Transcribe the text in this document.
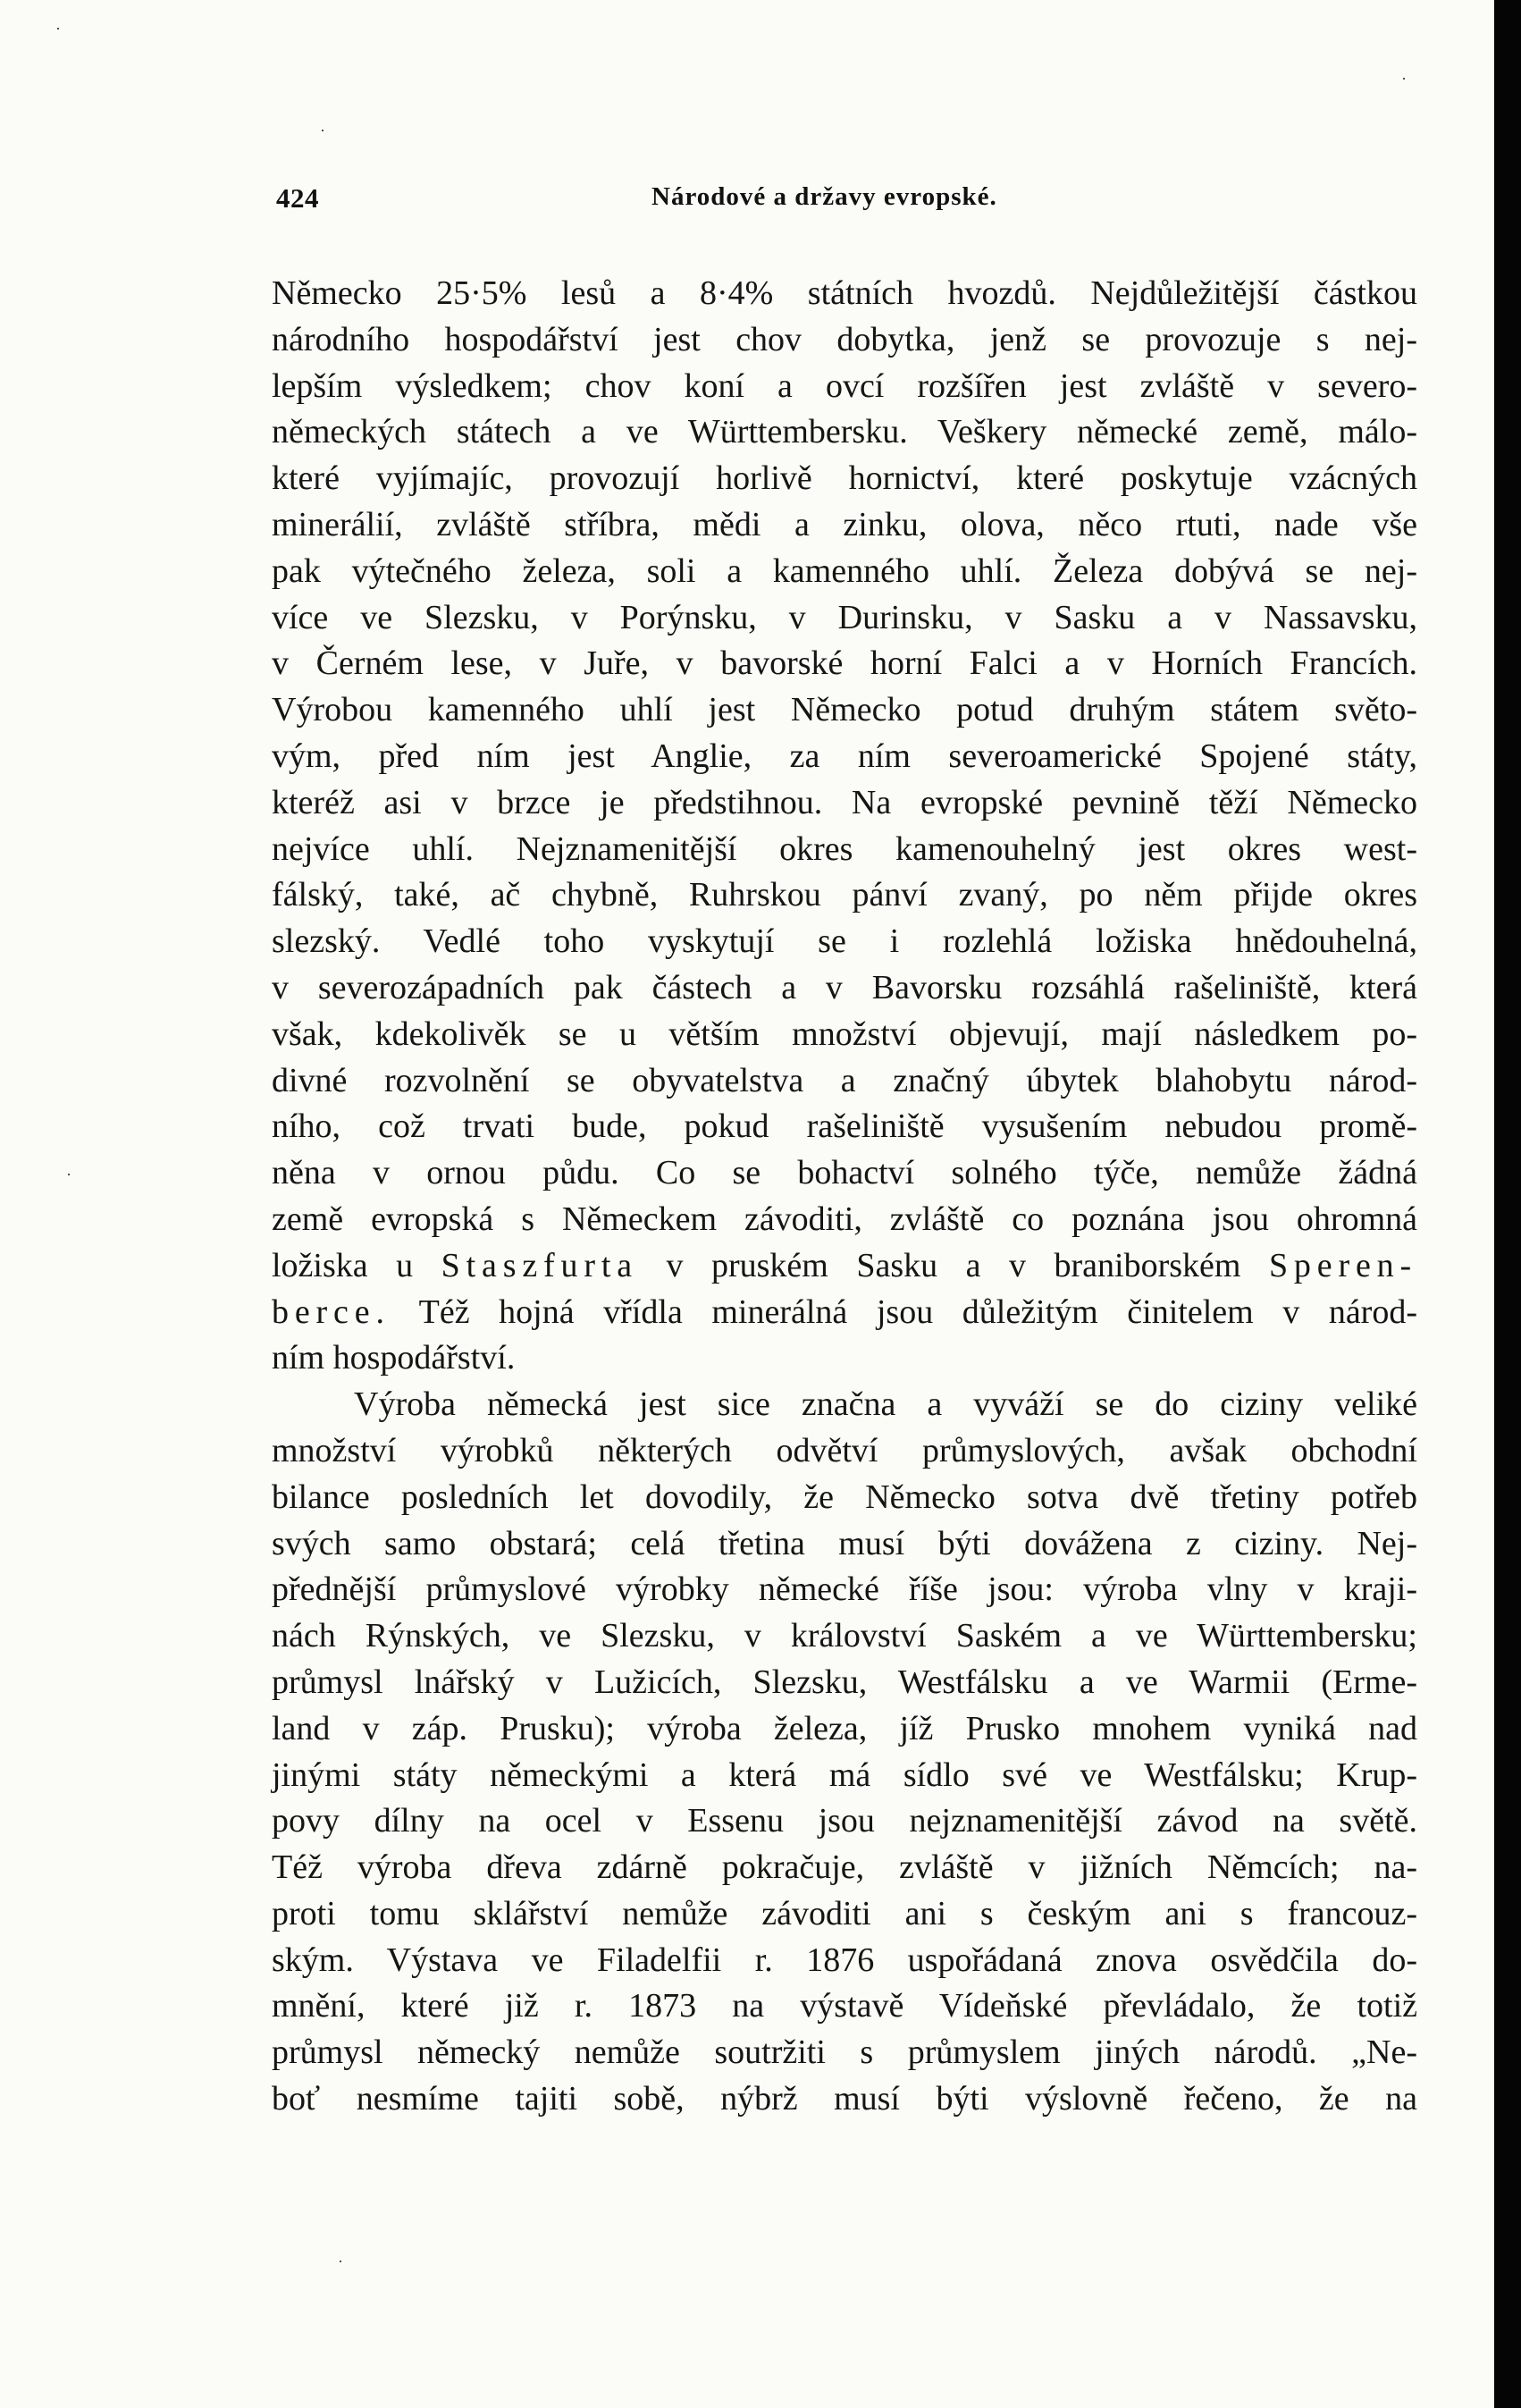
·
·
·
·
·
424	Národové a državy evropské.
Německo 25·5% lesů a 8·4% státních hvozdů. Nejdůležitější částkou
národního hospodářství jest chov dobytka, jenž se provozuje s nej-
lepším výsledkem; chov koní a ovcí rozšířen jest zvláště v severo-
německých státech a ve Württembersku. Veškery německé země, málo-
které vyjímajíc, provozují horlivě hornictví, které poskytuje vzácných
minerálií, zvláště stříbra, mědi a zinku, olova, něco rtuti, nade vše
pak výtečného železa, soli a kamenného uhlí. Železa dobývá se nej-
více ve Slezsku, v Porýnsku, v Durinsku, v Sasku a v Nassavsku,
v Černém lese, v Juře, v bavorské horní Falci a v Horních Francích.
Výrobou kamenného uhlí jest Německo potud druhým státem světo-
vým, před ním jest Anglie, za ním severoamerické Spojené státy,
kteréž asi v brzce je předstihnou. Na evropské pevnině těží Německo
nejvíce uhlí. Nejznamenitější okres kamenouhelný jest okres west-
fálský, také, ač chybně, Ruhrskou pánví zvaný, po něm přijde okres
slezský. Vedlé toho vyskytují se i rozlehlá ložiska hnědouhelná,
v severozápadních pak částech a v Bavorsku rozsáhlá rašeliniště, která
však, kdekolivěk se u větším množství objevují, mají následkem po-
divné rozvolnění se obyvatelstva a značný úbytek blahobytu národ-
ního, což trvati bude, pokud rašeliniště vysušením nebudou promě-
něna v ornou půdu. Co se bohactví solného týče, nemůže žádná
země evropská s Německem závoditi, zvláště co poznána jsou ohromná
ložiska u Staszfurta v pruském Sasku a v braniborském Speren-
berce. Též hojná vřídla minerálná jsou důležitým činitelem v národ-
ním hospodářství.
Výroba německá jest sice značna a vyváží se do ciziny veliké
množství výrobků některých odvětví průmyslových, avšak obchodní
bilance posledních let dovodily, že Německo sotva dvě třetiny potřeb
svých samo obstará; celá třetina musí býti dovážena z ciziny. Nej-
přednější průmyslové výrobky německé říše jsou: výroba vlny v kraji-
nách Rýnských, ve Slezsku, v království Saském a ve Württembersku;
průmysl lnářský v Lužicích, Slezsku, Westfálsku a ve Warmii (Erme-
land v záp. Prusku); výroba železa, jíž Prusko mnohem vyniká nad
jinými státy německými a která má sídlo své ve Westfálsku; Krup-
povy dílny na ocel v Essenu jsou nejznamenitější závod na světě.
Též výroba dřeva zdárně pokračuje, zvláště v jižních Němcích; na-
proti tomu sklářství nemůže závoditi ani s českým ani s francouz-
ským. Výstava ve Filadelfii r. 1876 uspořádaná znova osvědčila do-
mnění, které již r. 1873 na výstavě Vídeňské převládalo, že totiž
průmysl německý nemůže soutržiti s průmyslem jiných národů. „Ne-
boť nesmíme tajiti sobě, nýbrž musí býti výslovně řečeno, že na
